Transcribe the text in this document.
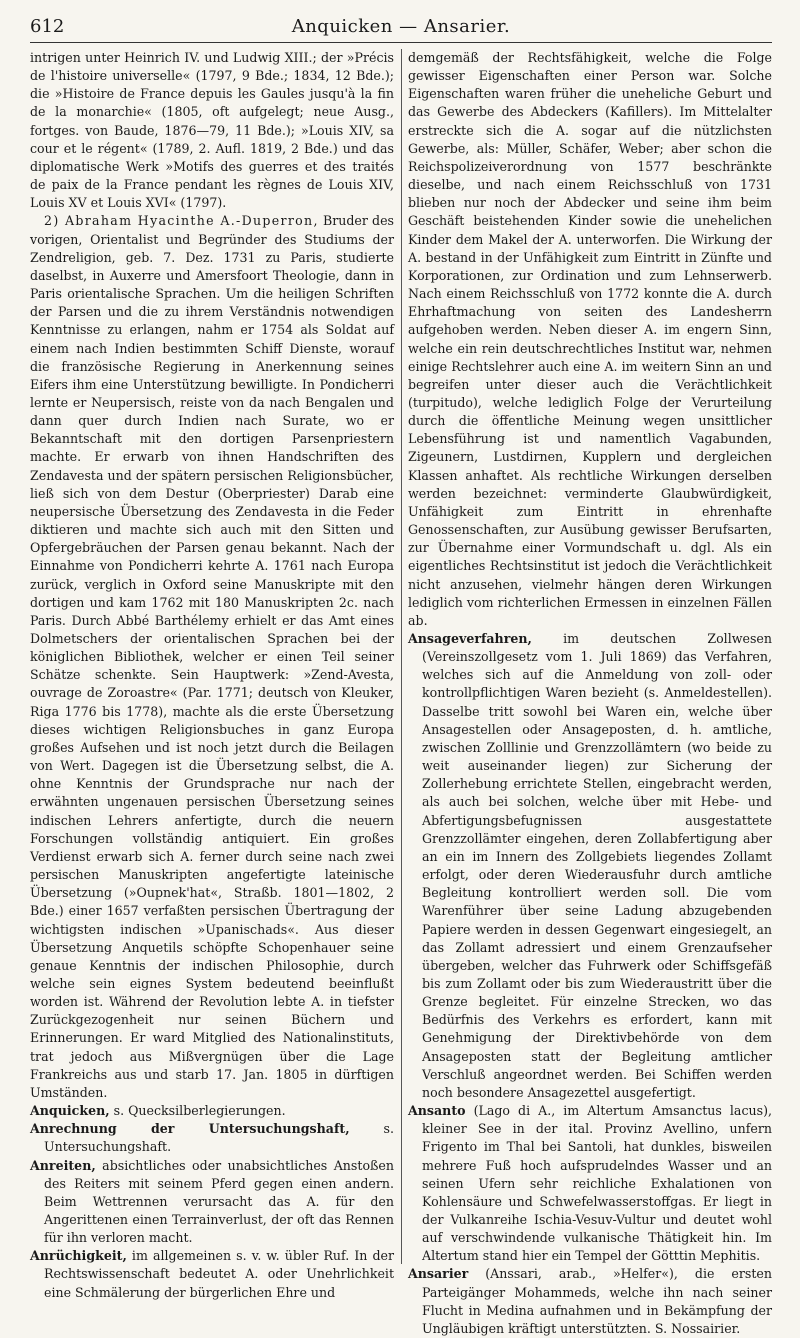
612	Anquicken — Ansarier.

intrigen unter Heinrich IV. und Ludwig XIII.; der »Précis de l'histoire universelle« (1797, 9 Bde.; 1834, 12 Bde.); die »Histoire de France depuis les Gaules jusqu'à la fin de la monarchie« (1805, oft aufgelegt; neue Ausg., fortges. von Baude, 1876—79, 11 Bde.); »Louis XIV, sa cour et le régent« (1789, 2. Aufl. 1819, 2 Bde.) und das diplomatische Werk »Motifs des guerres et des traités de paix de la France pendant les règnes de Louis XIV, Louis XV et Louis XVI« (1797).

2) Abraham Hyacinthe A.-Duperron, Bruder des vorigen, Orientalist und Begründer des Studiums der Zendreligion, geb. 7. Dez. 1731 zu Paris, studierte daselbst, in Auxerre und Amersfoort Theologie, dann in Paris orientalische Sprachen. Um die heiligen Schriften der Parsen und die zu ihrem Verständnis notwendigen Kenntnisse zu erlangen, nahm er 1754 als Soldat auf einem nach Indien bestimmten Schiff Dienste, worauf die französische Regierung in Anerkennung seines Eifers ihm eine Unterstützung bewilligte. In Pondicherri lernte er Neupersisch, reiste von da nach Bengalen und dann quer durch Indien nach Surate, wo er Bekanntschaft mit den dortigen Parsenpriestern machte. Er erwarb von ihnen Handschriften des Zendavesta und der spätern persischen Religionsbücher, ließ sich von dem Destur (Oberpriester) Darab eine neupersische Übersetzung des Zendavesta in die Feder diktieren und machte sich auch mit den Sitten und Opfergebräuchen der Parsen genau bekannt. Nach der Einnahme von Pondicherri kehrte A. 1761 nach Europa zurück, verglich in Oxford seine Manuskripte mit den dortigen und kam 1762 mit 180 Manuskripten 2c. nach Paris. Durch Abbé Barthélemy erhielt er das Amt eines Dolmetschers der orientalischen Sprachen bei der königlichen Bibliothek, welcher er einen Teil seiner Schätze schenkte. Sein Hauptwerk: »Zend-Avesta, ouvrage de Zoroastre« (Par. 1771; deutsch von Kleuker, Riga 1776 bis 1778), machte als die erste Übersetzung dieses wichtigen Religionsbuches in ganz Europa großes Aufsehen und ist noch jetzt durch die Beilagen von Wert. Dagegen ist die Übersetzung selbst, die A. ohne Kenntnis der Grundsprache nur nach der erwähnten ungenauen persischen Übersetzung seines indischen Lehrers anfertigte, durch die neuern Forschungen vollständig antiquiert. Ein großes Verdienst erwarb sich A. ferner durch seine nach zwei persischen Manuskripten angefertigte lateinische Übersetzung (»Oupnek'hat«, Straßb. 1801—1802, 2 Bde.) einer 1657 verfaßten persischen Übertragung der wichtigsten indischen »Upanischads«. Aus dieser Übersetzung Anquetils schöpfte Schopenhauer seine genaue Kenntnis der indischen Philosophie, durch welche sein eignes System bedeutend beeinflußt worden ist. Während der Revolution lebte A. in tiefster Zurückgezogenheit nur seinen Büchern und Erinnerungen. Er ward Mitglied des Nationalinstituts, trat jedoch aus Mißvergnügen über die Lage Frankreichs aus und starb 17. Jan. 1805 in dürftigen Umständen.

Anquicken, s. Quecksilberlegierungen.

Anrechnung der Untersuchungshaft, s. Untersuchungshaft.

Anreiten, absichtliches oder unabsichtliches Anstoßen des Reiters mit seinem Pferd gegen einen andern. Beim Wettrennen verursacht das A. für den Angerittenen einen Terrainverlust, der oft das Rennen für ihn verloren macht.

Anrüchigkeit, im allgemeinen s. v. w. übler Ruf. In der Rechtswissenschaft bedeutet A. oder Unehrlichkeit eine Schmälerung der bürgerlichen Ehre und

demgemäß der Rechtsfähigkeit, welche die Folge gewisser Eigenschaften einer Person war. Solche Eigenschaften waren früher die uneheliche Geburt und das Gewerbe des Abdeckers (Kafillers). Im Mittelalter erstreckte sich die A. sogar auf die nützlichsten Gewerbe, als: Müller, Schäfer, Weber; aber schon die Reichspolizeiverordnung von 1577 beschränkte dieselbe, und nach einem Reichsschluß von 1731 blieben nur noch der Abdecker und seine ihm beim Geschäft beistehenden Kinder sowie die unehelichen Kinder dem Makel der A. unterworfen. Die Wirkung der A. bestand in der Unfähigkeit zum Eintritt in Zünfte und Korporationen, zur Ordination und zum Lehnserwerb. Nach einem Reichsschluß von 1772 konnte die A. durch Ehrhaftmachung von seiten des Landesherrn aufgehoben werden. Neben dieser A. im engern Sinn, welche ein rein deutschrechtliches Institut war, nehmen einige Rechtslehrer auch eine A. im weitern Sinn an und begreifen unter dieser auch die Verächtlichkeit (turpitudo), welche lediglich Folge der Verurteilung durch die öffentliche Meinung wegen unsittlicher Lebensführung ist und namentlich Vagabunden, Zigeunern, Lustdirnen, Kupplern und dergleichen Klassen anhaftet. Als rechtliche Wirkungen derselben werden bezeichnet: verminderte Glaubwürdigkeit, Unfähigkeit zum Eintritt in ehrenhafte Genossenschaften, zur Ausübung gewisser Berufsarten, zur Übernahme einer Vormundschaft u. dgl. Als ein eigentliches Rechtsinstitut ist jedoch die Verächtlichkeit nicht anzusehen, vielmehr hängen deren Wirkungen lediglich vom richterlichen Ermessen in einzelnen Fällen ab.

Ansageverfahren, im deutschen Zollwesen (Vereinszollgesetz vom 1. Juli 1869) das Verfahren, welches sich auf die Anmeldung von zoll- oder kontrollpflichtigen Waren bezieht (s. Anmeldestellen). Dasselbe tritt sowohl bei Waren ein, welche über Ansagestellen oder Ansageposten, d. h. amtliche, zwischen Zolllinie und Grenzzollämtern (wo beide zu weit auseinander liegen) zur Sicherung der Zollerhebung errichtete Stellen, eingebracht werden, als auch bei solchen, welche über mit Hebe- und Abfertigungsbefugnissen ausgestattete Grenzzollämter eingehen, deren Zollabfertigung aber an ein im Innern des Zollgebiets liegendes Zollamt erfolgt, oder deren Wiederausfuhr durch amtliche Begleitung kontrolliert werden soll. Die vom Warenführer über seine Ladung abzugebenden Papiere werden in dessen Gegenwart eingesiegelt, an das Zollamt adressiert und einem Grenzaufseher übergeben, welcher das Fuhrwerk oder Schiffsgefäß bis zum Zollamt oder bis zum Wiederaustritt über die Grenze begleitet. Für einzelne Strecken, wo das Bedürfnis des Verkehrs es erfordert, kann mit Genehmigung der Direktivbehörde von dem Ansageposten statt der Begleitung amtlicher Verschluß angeordnet werden. Bei Schiffen werden noch besondere Ansagezettel ausgefertigt.

Ansanto (Lago di A., im Altertum Amsanctus lacus), kleiner See in der ital. Provinz Avellino, unfern Frigento im Thal bei Santoli, hat dunkles, bisweilen mehrere Fuß hoch aufsprudelndes Wasser und an seinen Ufern sehr reichliche Exhalationen von Kohlensäure und Schwefelwasserstoffgas. Er liegt in der Vulkanreihe Ischia-Vesuv-Vultur und deutet wohl auf verschwindende vulkanische Thätigkeit hin. Im Altertum stand hier ein Tempel der Götttin Mephitis.

Ansarier (Anssari, arab., »Helfer«), die ersten Parteigänger Mohammeds, welche ihn nach seiner Flucht in Medina aufnahmen und in Bekämpfung der Ungläubigen kräftigt unterstützten. S. Nossairier.
